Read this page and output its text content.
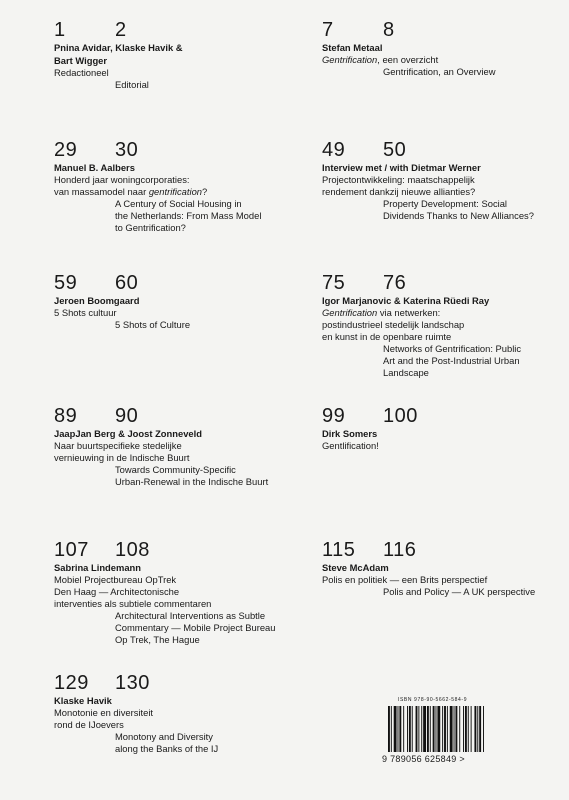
1 2
Pnina Avidar, Klaske Havik &
Bart Wigger
Redactioneel
Editorial
7 8
Stefan Metaal
Gentrification, een overzicht
Gentrification, an Overview
29 30
Manuel B. Aalbers
Honderd jaar woningcorporaties:
van massamodel naar gentrification?
A Century of Social Housing in
the Netherlands: From Mass Model
to Gentrification?
49 50
Interview met / with Dietmar Werner
Projectontwikkeling: maatschappelijk
rendement dankzij nieuwe allianties?
Property Development: Social
Dividends Thanks to New Alliances?
59 60
Jeroen Boomgaard
5 Shots cultuur
5 Shots of Culture
75 76
Igor Marjanovic & Katerina Rüedi Ray
Gentrification via netwerken:
postindustrieel stedelijk landschap
en kunst in de openbare ruimte
Networks of Gentrification: Public
Art and the Post-Industrial Urban
Landscape
89 90
JaapJan Berg & Joost Zonneveld
Naar buurtspecifieke stedelijke
vernieuwing in de Indische Buurt
Towards Community-Specific
Urban-Renewal in the Indische Buurt
99 100
Dirk Somers
Gentlification!
107 108
Sabrina Lindemann
Mobiel Projectbureau OpTrek
Den Haag — Architectonische
interventies als subtiele commentaren
Architectural Interventions as Subtle
Commentary — Mobile Project Bureau
Op Trek, The Hague
115 116
Steve McAdam
Polis en politiek — een Brits perspectief
Polis and Policy — A UK perspective
129 130
Klaske Havik
Monotonie en diversiteit
rond de IJoevers
Monotony and Diversity
along the Banks of the IJ
ISBN 978-90-5662-584-9
9 789056 625849 >
